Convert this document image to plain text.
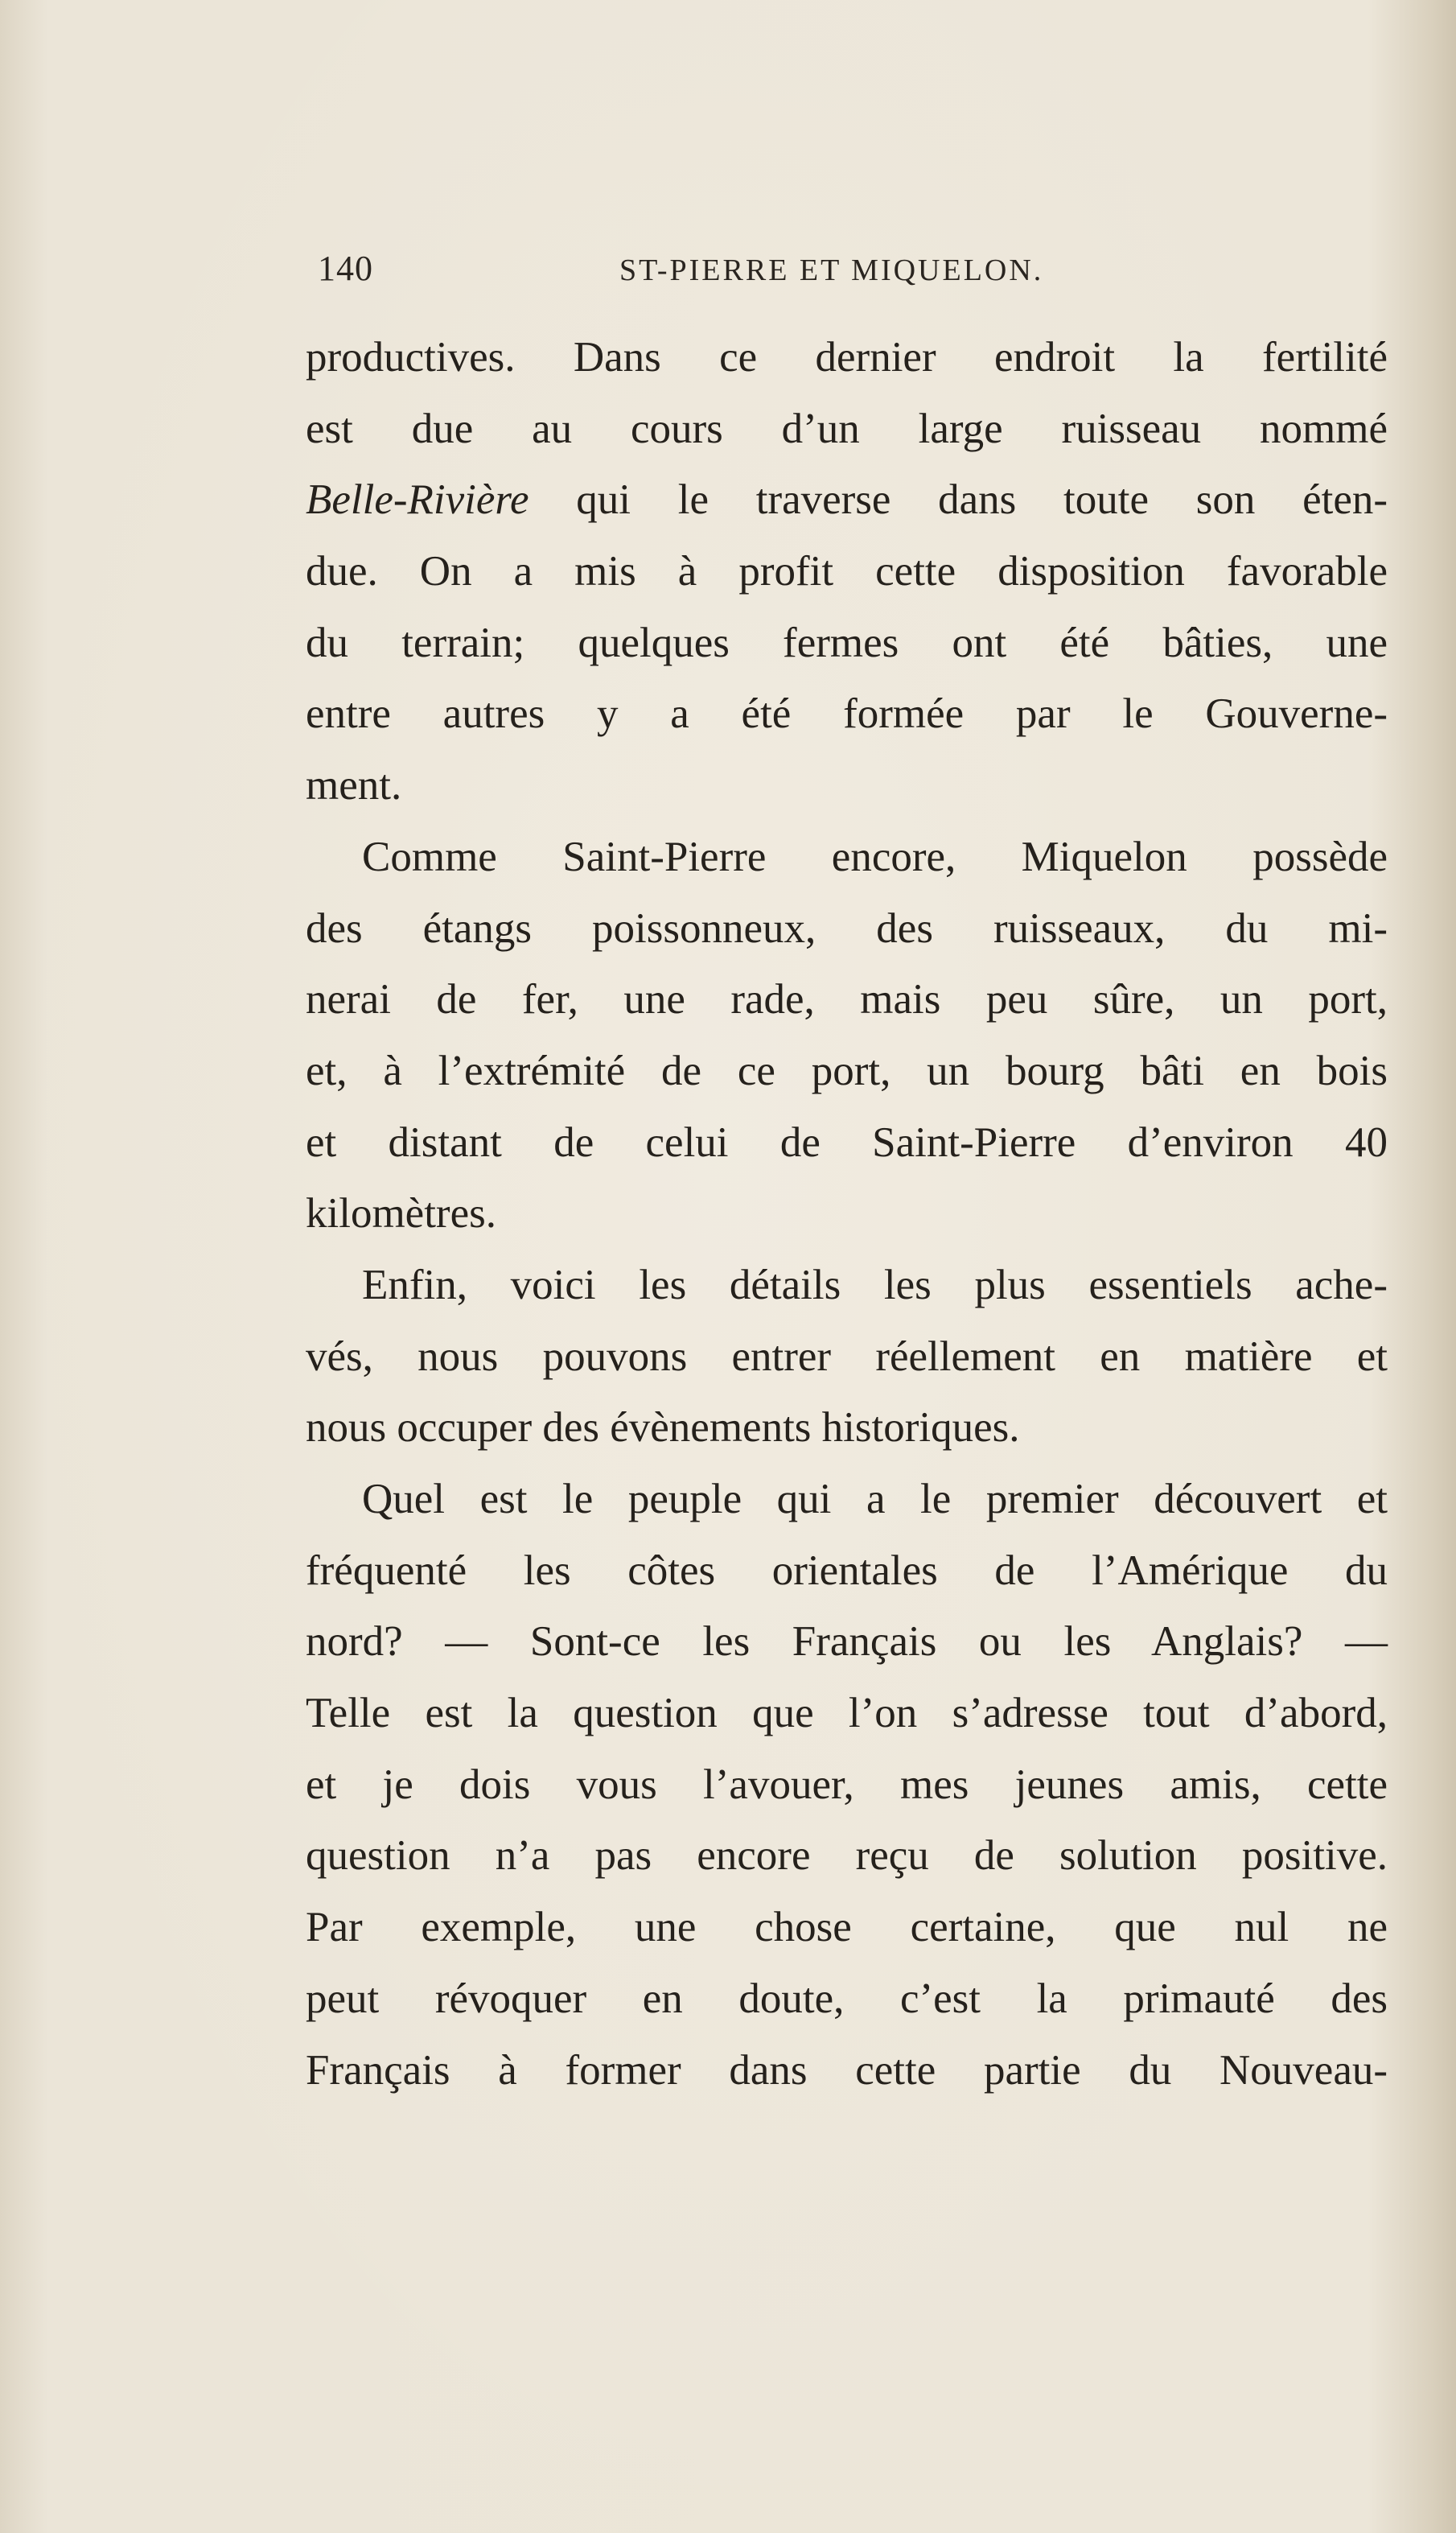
140	ST-PIERRE ET MIQUELON.
productives. Dans ce dernier endroit la fertilité
est due au cours d’un large ruisseau nommé
Belle-Rivière qui le traverse dans toute son éten-
due. On a mis à profit cette disposition favorable
du terrain; quelques fermes ont été bâties, une
entre autres y a été formée par le Gouverne-
ment.
Comme Saint-Pierre encore, Miquelon possède
des étangs poissonneux, des ruisseaux, du mi-
nerai de fer, une rade, mais peu sûre, un port,
et, à l’extrémité de ce port, un bourg bâti en bois
et distant de celui de Saint-Pierre d’environ 40
kilomètres.
Enfin, voici les détails les plus essentiels ache-
vés, nous pouvons entrer réellement en matière et
nous occuper des évènements historiques.
Quel est le peuple qui a le premier découvert et
fréquenté les côtes orientales de l’Amérique du
nord? — Sont-ce les Français ou les Anglais? —
Telle est la question que l’on s’adresse tout d’abord,
et je dois vous l’avouer, mes jeunes amis, cette
question n’a pas encore reçu de solution positive.
Par exemple, une chose certaine, que nul ne
peut révoquer en doute, c’est la primauté des
Français à former dans cette partie du Nouveau-
